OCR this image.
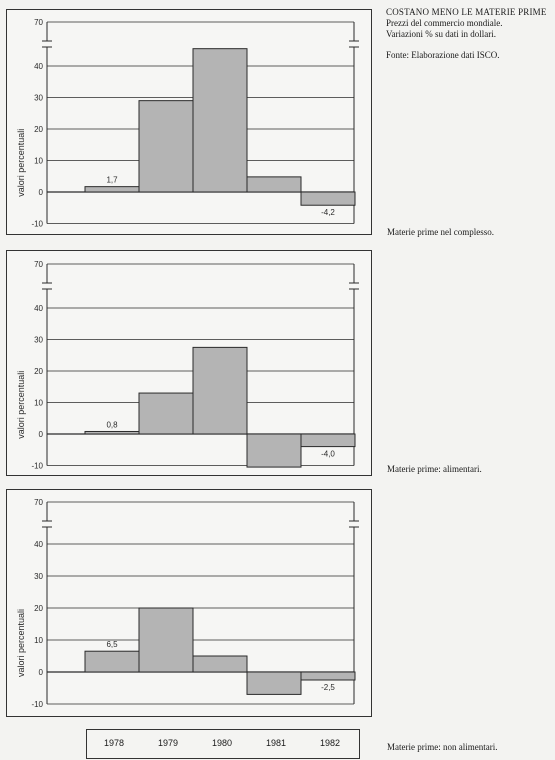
COSTANO MENO LE MATERIE PRIME
Prezzi del commercio mondiale.
Variazioni % su dati in dollari.
Fonte: Elaborazione dati ISCO.
70
40
30
20
10
0
-10
1,7
-4,2
valori percentuali
Materie prime nel complesso.
70
40
30
20
10
0
-10
0,8
-4,0
valori percentuali
Materie prime: alimentari.
70
40
30
20
10
0
-10
6,5
-2,5
valori percentuali
Materie prime: non alimentari.
1978	1979	1980	1981	1982
